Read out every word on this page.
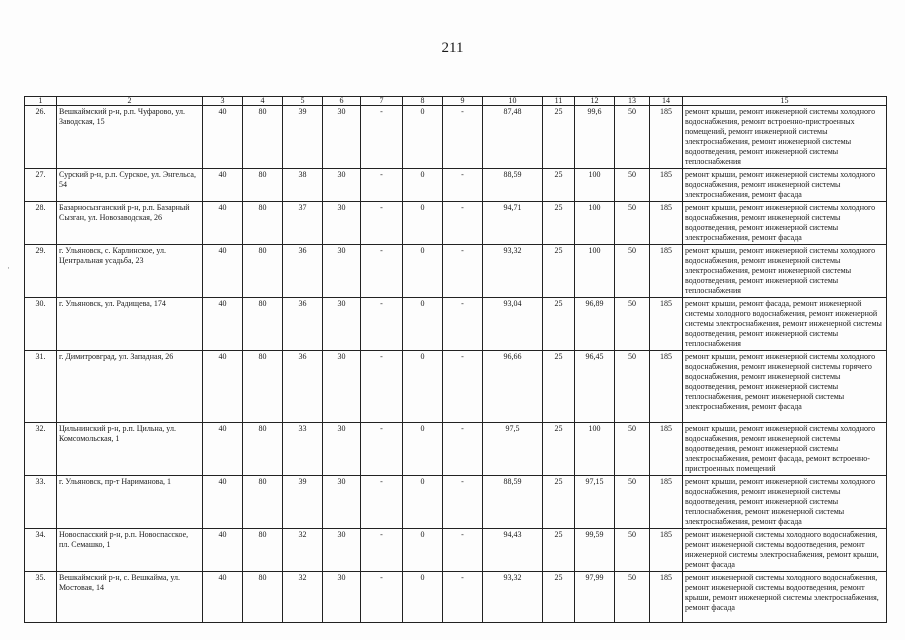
211
·
1	2	3	4	5	6	7	8	9	10	11	12	13	14	15
26.	Вешкаймский р-н, р.п. Чуфарово, ул. Заводская, 15	40	80	39	30	-	0	-	87,48	25	99,6	50	185	ремонт крыши, ремонт инженерной системы холодного водоснабжения, ремонт встроенно-пристроенных помещений, ремонт инженерной системы электроснабжения, ремонт инженерной системы водоотведения, ремонт инженерной системы теплоснабжения
27.	Сурский р-н, р.п. Сурское, ул. Энгельса, 54	40	80	38	30	-	0	-	88,59	25	100	50	185	ремонт крыши, ремонт инженерной системы холодного водоснабжения, ремонт инженерной системы электроснабжения, ремонт фасада
28.	Базарносызганский р-н, р.п. Базарный Сызган, ул. Новозаводская, 26	40	80	37	30	-	0	-	94,71	25	100	50	185	ремонт крыши, ремонт инженерной системы холодного водоснабжения, ремонт инженерной системы водоотведения, ремонт инженерной системы электроснабжения, ремонт фасада
29.	г. Ульяновск, с. Карлинское, ул. Центральная усадьба, 23	40	80	36	30	-	0	-	93,32	25	100	50	185	ремонт крыши, ремонт инженерной системы холодного водоснабжения, ремонт инженерной системы электроснабжения, ремонт инженерной системы водоотведения, ремонт инженерной системы теплоснабжения
30.	г. Ульяновск, ул. Радищева, 174	40	80	36	30	-	0	-	93,04	25	96,89	50	185	ремонт крыши, ремонт фасада, ремонт инженерной системы холодного водоснабжения, ремонт инженерной системы электроснабжения, ремонт инженерной системы водоотведения, ремонт инженерной системы теплоснабжения
31.	г. Димитровград, ул. Западная, 26	40	80	36	30	-	0	-	96,66	25	96,45	50	185	ремонт крыши, ремонт инженерной системы холодного водоснабжения, ремонт инженерной системы горячего водоснабжения, ремонт инженерной системы водоотведения, ремонт инженерной системы теплоснабжения, ремонт инженерной системы электроснабжения, ремонт фасада
32.	Цильнинский р-н, р.п. Цильна, ул. Комсомольская, 1	40	80	33	30	-	0	-	97,5	25	100	50	185	ремонт крыши, ремонт инженерной системы холодного водоснабжения, ремонт инженерной системы водоотведения, ремонт инженерной системы электроснабжения, ремонт фасада, ремонт встроенно-пристроенных помещений
33.	г. Ульяновск, пр-т Нариманова, 1	40	80	39	30	-	0	-	88,59	25	97,15	50	185	ремонт крыши, ремонт инженерной системы холодного водоснабжения, ремонт инженерной системы водоотведения, ремонт инженерной системы теплоснабжения, ремонт инженерной системы электроснабжения, ремонт фасада
34.	Новоспасский р-н, р.п. Новоспасское, пл. Семашко, 1	40	80	32	30	-	0	-	94,43	25	99,59	50	185	ремонт инженерной системы холодного водоснабжения, ремонт инженерной системы водоотведения, ремонт инженерной системы электроснабжения, ремонт крыши, ремонт фасада
35.	Вешкаймский р-н, с. Вешкайма, ул. Мостовая, 14	40	80	32	30	-	0	-	93,32	25	97,99	50	185	ремонт инженерной системы холодного водоснабжения, ремонт инженерной системы водоотведения, ремонт крыши, ремонт инженерной системы электроснабжения, ремонт фасада
